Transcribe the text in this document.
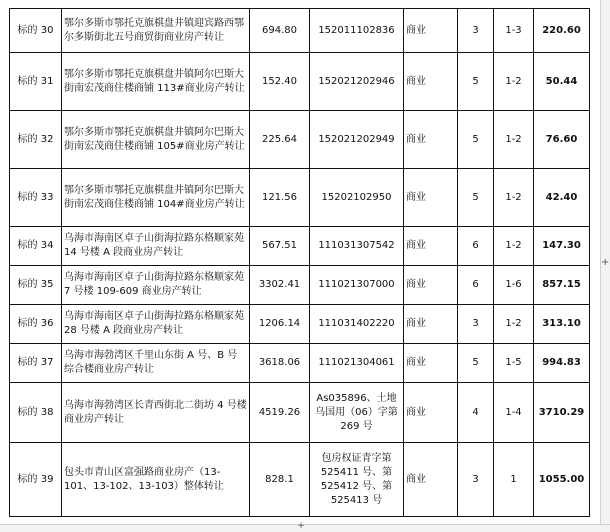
标的 30	鄂尔多斯市鄂托克旗棋盘井镇迎宾路西鄂尔多斯街北五号商贸街商业房产转让	694.80	152011102836	商业	3	1-3	220.60
标的 31	鄂尔多斯市鄂托克旗棋盘井镇阿尔巴斯大街南宏茂商住楼商铺 113#商业房产转让	152.40	152021202946	商业	5	1-2	50.44
标的 32	鄂尔多斯市鄂托克旗棋盘井镇阿尔巴斯大街南宏茂商住楼商铺 105#商业房产转让	225.64	152021202949	商业	5	1-2	76.60
标的 33	鄂尔多斯市鄂托克旗棋盘井镇阿尔巴斯大街南宏茂商住楼商铺 104#商业房产转让	121.56	15202102950	商业	5	1-2	42.40
标的 34	乌海市海南区卓子山街海拉路东格顺家苑 14 号楼 A 段商业房产转让	567.51	111031307542	商业	6	1-2	147.30
标的 35	乌海市海南区卓子山街海拉路东格顺家苑 7 号楼 109-609 商业房产转让	3302.41	111021307000	商业	6	1-6	857.15
标的 36	乌海市海南区卓子山街海拉路东格顺家苑 28 号楼 A 段商业房产转让	1206.14	111031402220	商业	3	1-2	313.10
标的 37	乌海市海勃湾区千里山东街 A 号、B 号综合楼商业房产转让	3618.06	111021304061	商业	5	1-5	994.83
标的 38	乌海市海勃湾区长青西街北二街坊 4 号楼商业房产转让	4519.26	As035896、土地乌国用（06）字第 269 号	商业	4	1-4	3710.29
标的 39	包头市青山区富强路商业房产（13-101、13-102、13-103）整体转让	828.1	包房权证青字第 525411 号、第 525412 号、第 525413 号	商业	3	1	1055.00
+
+
